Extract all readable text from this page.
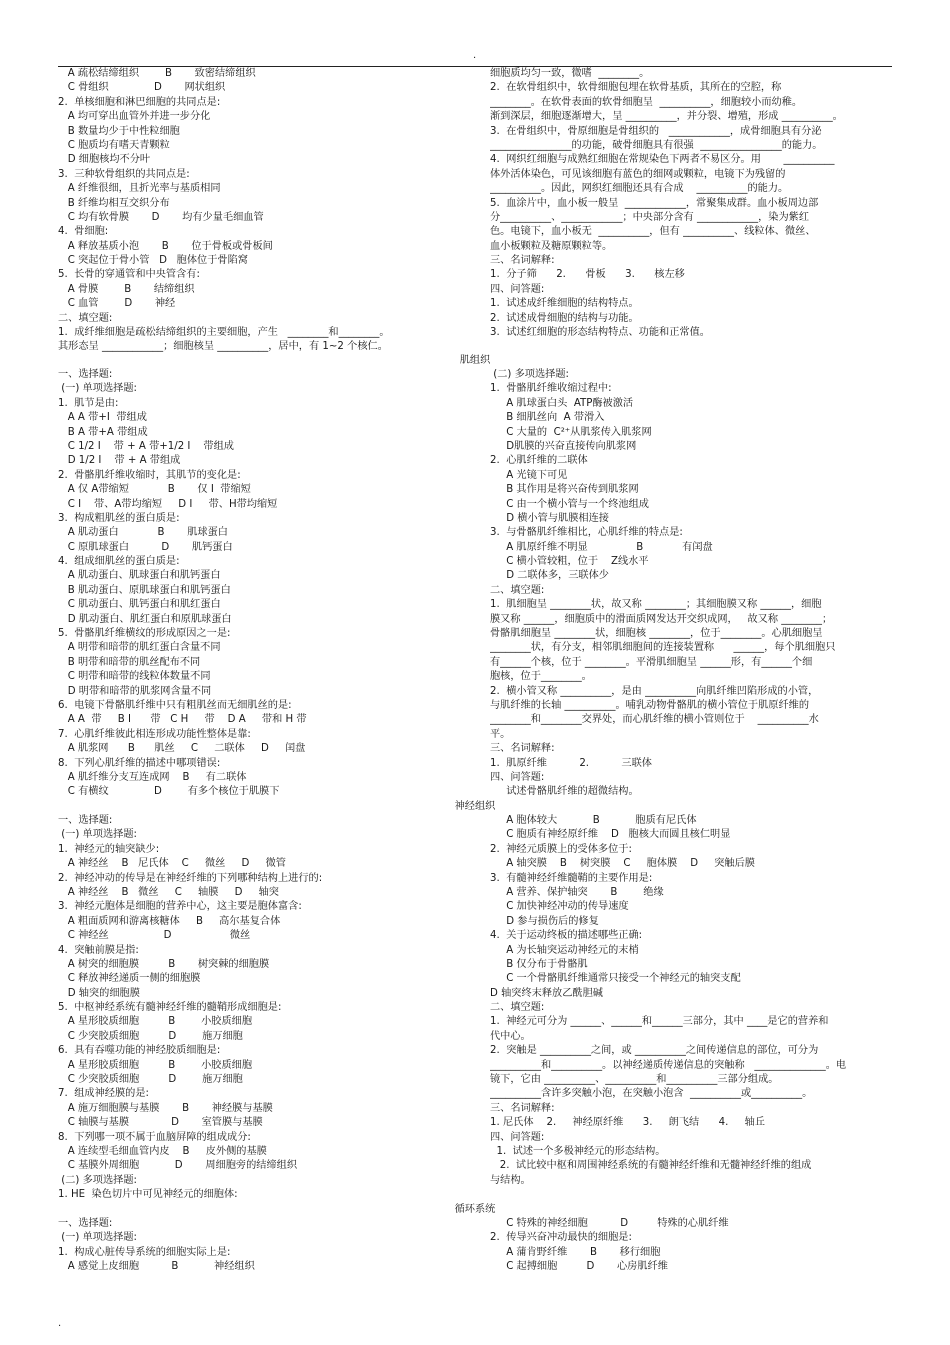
.
A 疏松结缔组织        B       致密结缔组织
C 骨组织              D       网状组织
2.  单核细胞和淋巴细胞的共同点是:
A 均可穿出血管外并进一步分化
B 数量均少于中性粒细胞
C 胞质均有嗜天青颗粒
D 细胞核均不分叶
3.  三种软骨组织的共同点是:
A 纤维很细，且折光率与基质相同
B 纤维均相互交织分布
C 均有软骨膜       D       均有少量毛细血管
4.  骨细胞:
A 释放基质小泡       B       位于骨板或骨板间
C 突起位于骨小管   D   胞体位于骨陷窝
5.  长骨的穿通管和中央管含有:
A 骨膜        B       结缔组织
C 血管        D       神经
二、填空题:
1.  成纤维细胞是疏松结缔组织的主要细胞，产生   ________和________。
其形态呈 ____________；细胞核呈 __________，居中，有 1~2 个核仁。
细胞质均匀一致，微嗜  ________。
2.  在软骨组织中，软骨细胞包埋在软骨基质，其所在的空腔，称
________。在软骨表面的软骨细胞呈  __________，细胞较小而幼稚。
渐到深层，细胞逐渐增大，呈 __________，并分裂、增殖，形成 __________。
3.  在骨组织中，骨原细胞是骨组织的   ____________，成骨细胞具有分泌
________________的功能，破骨细胞具有很强  ________________的能力。
4.  网织红细胞与成熟红细胞在常规染色下两者不易区分。用       __________
体外活体染色，可见该细胞有蓝色的细网或颗粒，电镜下为残留的
__________。因此，网织红细胞还具有合成    __________的能力。
5.  血涂片中，血小板一般呈  ____________，常聚集成群。血小板周边部
分__________、____________；中央部分含有 ____________，染为紫红
色。电镜下，血小板无  __________，但有 __________、线粒体、微丝、
血小板颗粒及糖原颗粒等。
三、名词解释:
1.  分子筛      2.      骨板      3.      核左移
四、问答题:
1.  试述成纤维细胞的结构特点。
2.  试述成骨细胞的结构与功能。
3.  试述红细胞的形态结构特点、功能和正常值。
肌组织
一、选择题:
(一) 单项选择题:
1.  肌节是由:
A A 带+I  带组成
B A 带+A 带组成
C 1/2 I    带 + A 带+1/2 I    带组成
D 1/2 I    带 + A 带组成
2.  骨骼肌纤维收缩时，其肌节的变化是:
A 仅 A带缩短            B       仅 I  带缩短
C I    带、A带均缩短     D I     带、H带均缩短
3.  构成粗肌丝的蛋白质是:
A 肌动蛋白            B       肌球蛋白
C 原肌球蛋白          D       肌钙蛋白
4.  组成细肌丝的蛋白质是:
A 肌动蛋白、肌球蛋白和肌钙蛋白
B 肌动蛋白、原肌球蛋白和肌钙蛋白
C 肌动蛋白、肌钙蛋白和肌红蛋白
D 肌动蛋白、肌红蛋白和原肌球蛋白
5.  骨骼肌纤维横纹的形成原因之一是:
A 明带和暗带的肌红蛋白含量不同
B 明带和暗带的肌丝配布不同
C 明带和暗带的线粒体数量不同
D 明带和暗带的肌浆网含量不同
6.  电镜下骨骼肌纤维中只有粗肌丝而无细肌丝的是:
A A  带     B I      带   C H     带    D A     带和 H 带
7.  心肌纤维彼此相连形成功能性整体是靠:
A 肌浆网      B      肌丝     C     二联体     D     闰盘
8.  下列心肌纤维的描述中哪项错误:
A 肌纤维分支互连成网    B     有二联体
C 有横纹              D        有多个核位于肌膜下
(二) 多项选择题:
1.  骨骼肌纤维收缩过程中:
A 肌球蛋白头  ATP酶被激活
B 细肌丝向  A 带滑入
C 大量的  C²⁺从肌浆传入肌浆网
D肌膜的兴奋直接传向肌浆网
2.  心肌纤维的二联体
A 光镜下可见
B 其作用是将兴奋传到肌浆网
C 由一个横小管与一个终池组成
D 横小管与肌膜相连接
3.  与骨骼肌纤维相比，心肌纤维的特点是:
A 肌原纤维不明显               B            有闰盘
C 横小管较粗，位于    Z线水平
D 二联体多，三联体少
二、填空题:
1.  肌细胞呈 ________状，故又称 ________；其细胞膜又称 ______，细胞
膜又称 ______，细胞质中的滑面质网发达开交织成网，   故又称 ________；
骨骼肌细胞呈 ________状，细胞核 ________，位于________。心肌细胞呈
________状，有分支，相邻肌细胞间的连接装置称      ______，每个肌细胞只
有______个核，位于 ________。平滑肌细胞呈 ______形，有______个细
胞核，位于________。
2.  横小管又称 __________，是由 __________向肌纤维凹陷形成的小管，
与肌纤维的长轴 __________。哺乳动物骨骼肌的横小管位于肌原纤维的
________和________交界处，而心肌纤维的横小管则位于    __________水
平。
三、名词解释:
1.  肌原纤维          2.          三联体
四、问答题:
试述骨骼肌纤维的超微结构。
神经组织
一、选择题:
(一) 单项选择题:
1.  神经元的轴突缺少:
A 神经丝    B   尼氏体    C     微丝     D     微管
2.  神经冲动的传导是在神经纤维的下列哪种结构上进行的:
A 神经丝    B   微丝     C     轴膜     D     轴突
3.  神经元胞体是细胞的营养中心，这主要是胞体富含:
A 粗面质网和游离核糖体     B     高尔基复合体
C 神经丝                 D                  微丝
4.  突触前膜是指:
A 树突的细胞膜         B       树突棘的细胞膜
C 释放神经递质一侧的细胞膜
D 轴突的细胞膜
5.  中枢神经系统有髓神经纤维的髓鞘形成细胞是:
A 星形胶质细胞         B        小胶质细胞
C 少突胶质细胞         D        施万细胞
6.  具有吞噬功能的神经胶质细胞是:
A 星形胶质细胞         B        小胶质细胞
C 少突胶质细胞         D        施万细胞
7.  组成神经膜的是:
A 施万细胞膜与基膜       B       神经膜与基膜
C 轴膜与基膜             D       室管膜与基膜
8.  下列哪一项不属于血脑屏障的组成成分:
A 连续型毛细血管内皮    B     皮外侧的基膜
C 基膜外周细胞           D       周细胞旁的结缔组织
(二) 多项选择题:
1. HE  染色切片中可见神经元的细胞体:
A 胞体较大           B           胞质有尼氏体
C 胞质有神经原纤维    D   胞核大而圆且核仁明显
2.  神经元质膜上的受体多位于:
A 轴突膜    B    树突膜    C     胞体膜    D     突触后膜
3.  有髓神经纤维髓鞘的主要作用是:
A 营养、保护轴突       B        绝缘
C 加快神经冲动的传导速度
D 参与损伤后的修复
4.  关于运动终板的描述哪些正确:
A 为长轴突运动神经元的末梢
B 仅分布于骨骼肌
C 一个骨骼肌纤维通常只接受一个神经元的轴突支配
D 轴突终末释放乙酰胆碱
二、填空题:
1.  神经元可分为 ______、______和______三部分，其中 ____是它的营养和
代中心。
2.  突触是 __________之间，或 __________之间传递信息的部位，可分为
__________和__________。以神经递质传递信息的突触称   ______________。电
镜下，它由 __________、__________和__________三部分组成。
__________含许多突触小泡，在突触小泡含  __________或__________。
三、名词解释:
1. 尼氏体    2.     神经原纤维      3.     朗飞结      4.     轴丘
四、问答题:
1.  试述一个多极神经元的形态结构。
2.  试比较中枢和周围神经系统的有髓神经纤维和无髓神经纤维的组成
与结构。
循环系统
一、选择题:
(一) 单项选择题:
1.  构成心脏传导系统的细胞实际上是:
A 感觉上皮细胞          B           神经组织
C 特殊的神经细胞          D         特殊的心肌纤维
2.  传导兴奋冲动最快的细胞是:
A 蒲肯野纤维       B       移行细胞
C 起搏细胞         D       心房肌纤维
.
